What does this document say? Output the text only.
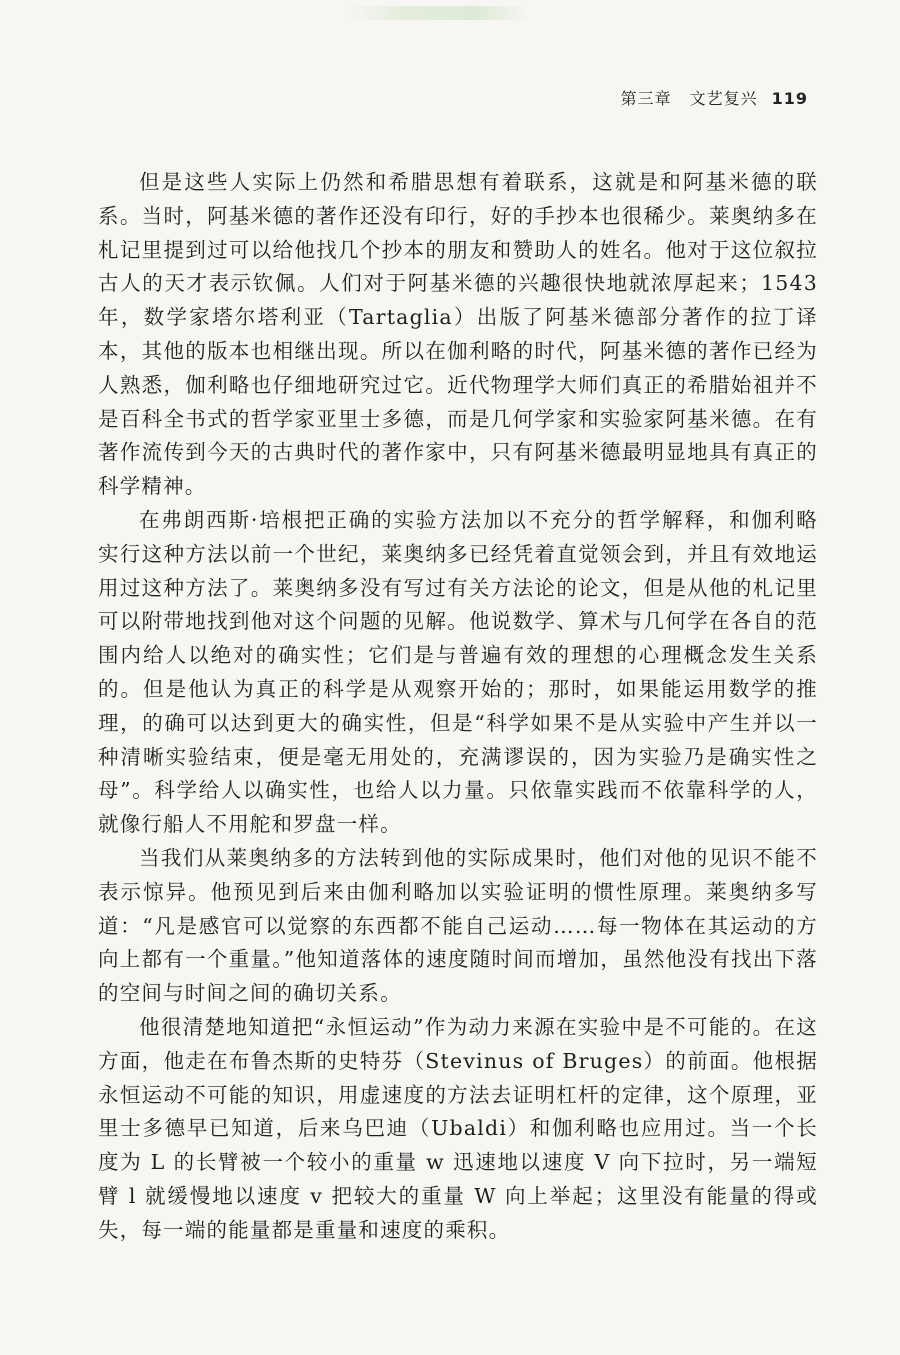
第三章 文艺复兴 119

但是这些人实际上仍然和希腊思想有着联系，这就是和阿基米德的联系。当时，阿基米德的著作还没有印行，好的手抄本也很稀少。莱奥纳多在札记里提到过可以给他找几个抄本的朋友和赞助人的姓名。他对于这位叙拉古人的天才表示钦佩。人们对于阿基米德的兴趣很快地就浓厚起来；1543年，数学家塔尔塔利亚（Tartaglia）出版了阿基米德部分著作的拉丁译本，其他的版本也相继出现。所以在伽利略的时代，阿基米德的著作已经为人熟悉，伽利略也仔细地研究过它。近代物理学大师们真正的希腊始祖并不是百科全书式的哲学家亚里士多德，而是几何学家和实验家阿基米德。在有著作流传到今天的古典时代的著作家中，只有阿基米德最明显地具有真正的科学精神。

在弗朗西斯·培根把正确的实验方法加以不充分的哲学解释，和伽利略实行这种方法以前一个世纪，莱奥纳多已经凭着直觉领会到，并且有效地运用过这种方法了。莱奥纳多没有写过有关方法论的论文，但是从他的札记里可以附带地找到他对这个问题的见解。他说数学、算术与几何学在各自的范围内给人以绝对的确实性；它们是与普遍有效的理想的心理概念发生关系的。但是他认为真正的科学是从观察开始的；那时，如果能运用数学的推理，的确可以达到更大的确实性，但是“科学如果不是从实验中产生并以一种清晰实验结束，便是毫无用处的，充满谬误的，因为实验乃是确实性之母”。科学给人以确实性，也给人以力量。只依靠实践而不依靠科学的人，就像行船人不用舵和罗盘一样。

当我们从莱奥纳多的方法转到他的实际成果时，他们对他的见识不能不表示惊异。他预见到后来由伽利略加以实验证明的惯性原理。莱奥纳多写道：“凡是感官可以觉察的东西都不能自己运动……每一物体在其运动的方向上都有一个重量。”他知道落体的速度随时间而增加，虽然他没有找出下落的空间与时间之间的确切关系。

他很清楚地知道把“永恒运动”作为动力来源在实验中是不可能的。在这方面，他走在布鲁杰斯的史特芬（Stevinus of Bruges）的前面。他根据永恒运动不可能的知识，用虚速度的方法去证明杠杆的定律，这个原理，亚里士多德早已知道，后来乌巴迪（Ubaldi）和伽利略也应用过。当一个长度为 L 的长臂被一个较小的重量 w 迅速地以速度 V 向下拉时，另一端短臂 l 就缓慢地以速度 v 把较大的重量 W 向上举起；这里没有能量的得或失，每一端的能量都是重量和速度的乘积。
